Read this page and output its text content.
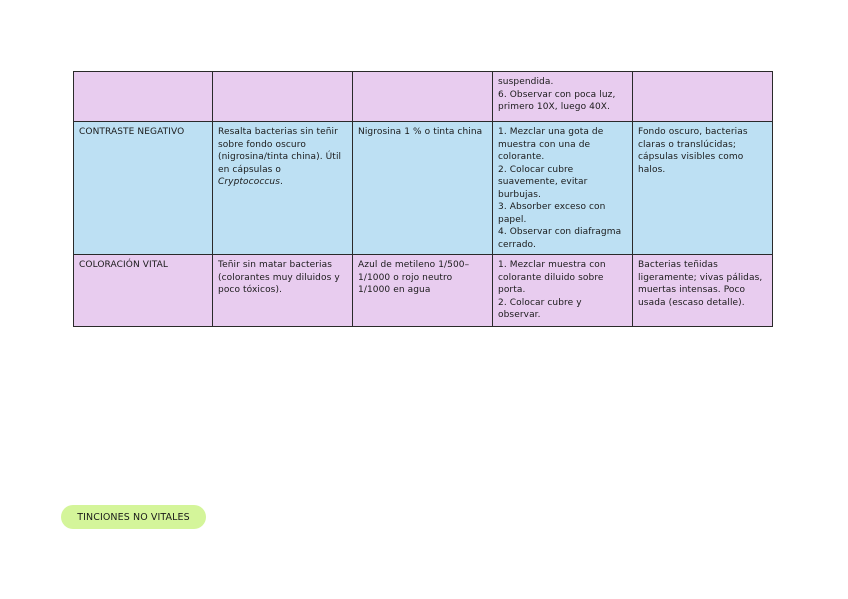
			suspendida.
6. Observar con poca luz, primero 10X, luego 40X.	
CONTRASTE NEGATIVO	Resalta bacterias sin teñir sobre fondo oscuro (nigrosina/tinta china). Útil en cápsulas o Cryptococcus.	Nigrosina 1 % o tinta china	1. Mezclar una gota de muestra con una de colorante.
2. Colocar cubre suavemente, evitar burbujas.
3. Absorber exceso con papel.
4. Observar con diafragma cerrado.	Fondo oscuro, bacterias claras o translúcidas; cápsulas visibles como halos.
COLORACIÓN VITAL	Teñir sin matar bacterias (colorantes muy diluidos y poco tóxicos).	Azul de metileno 1/500–1/1000 o rojo neutro 1/1000 en agua	1. Mezclar muestra con colorante diluido sobre porta.
2. Colocar cubre y observar.	Bacterias teñidas ligeramente; vivas pálidas, muertas intensas. Poco usada (escaso detalle).
TINCIONES NO VITALES
